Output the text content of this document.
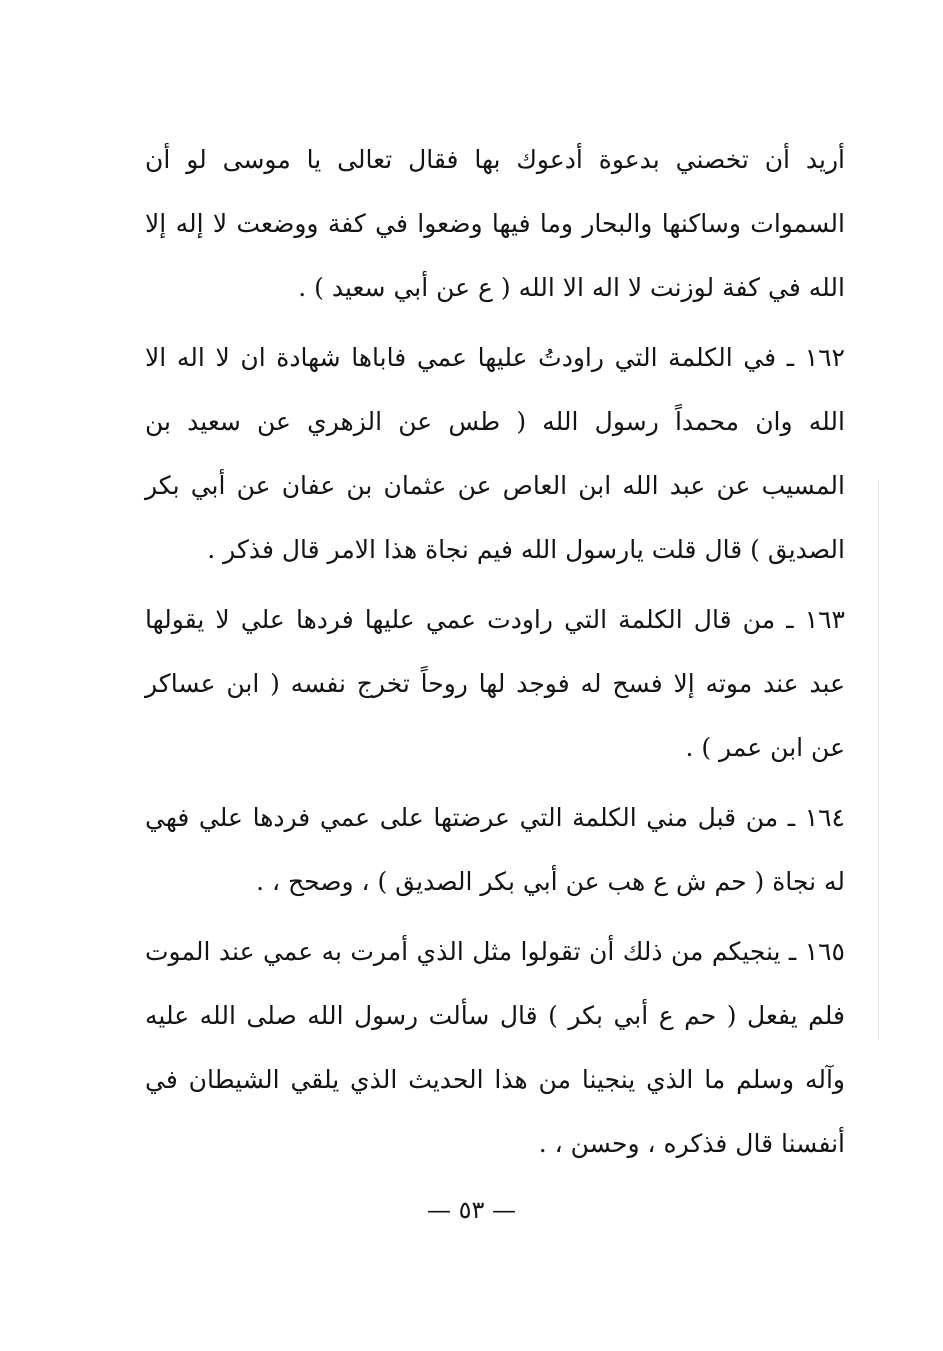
أريد أن تخصني بدعوة أدعوك بها فقال تعالى يا موسى لو أن السموات وساكنها والبحار وما فيها وضعوا في كفة ووضعت لا إله إلا الله في كفة لوزنت لا اله الا الله ( ع عن أبي سعيد ) .

١٦٢ ـ في الكلمة التي راودتُ عليها عمي فاباها شهادة ان لا اله الا الله وان محمداً رسول الله ( طس عن الزهري عن سعيد بن المسيب عن عبد الله ابن العاص عن عثمان بن عفان عن أبي بكر الصديق ) قال قلت يارسول الله فيم نجاة هذا الامر قال فذكر .

١٦٣ ـ من قال الكلمة التي راودت عمي عليها فردها علي لا يقولها عبد عند موته إلا فسح له فوجد لها روحاً تخرج نفسه ( ابن عساكر عن ابن عمر ) .

١٦٤ ـ من قبل مني الكلمة التي عرضتها على عمي فردها علي فهي له نجاة ( حم ش ع هب عن أبي بكر الصديق ) ، وصحح ، .

١٦٥ ـ ينجيكم من ذلك أن تقولوا مثل الذي أمرت به عمي عند الموت فلم يفعل ( حم ع أبي بكر ) قال سألت رسول الله صلى الله عليه وآله وسلم ما الذي ينجينا من هذا الحديث الذي يلقي الشيطان في أنفسنا قال فذكره ، وحسن ، .

— ٥٣ —
